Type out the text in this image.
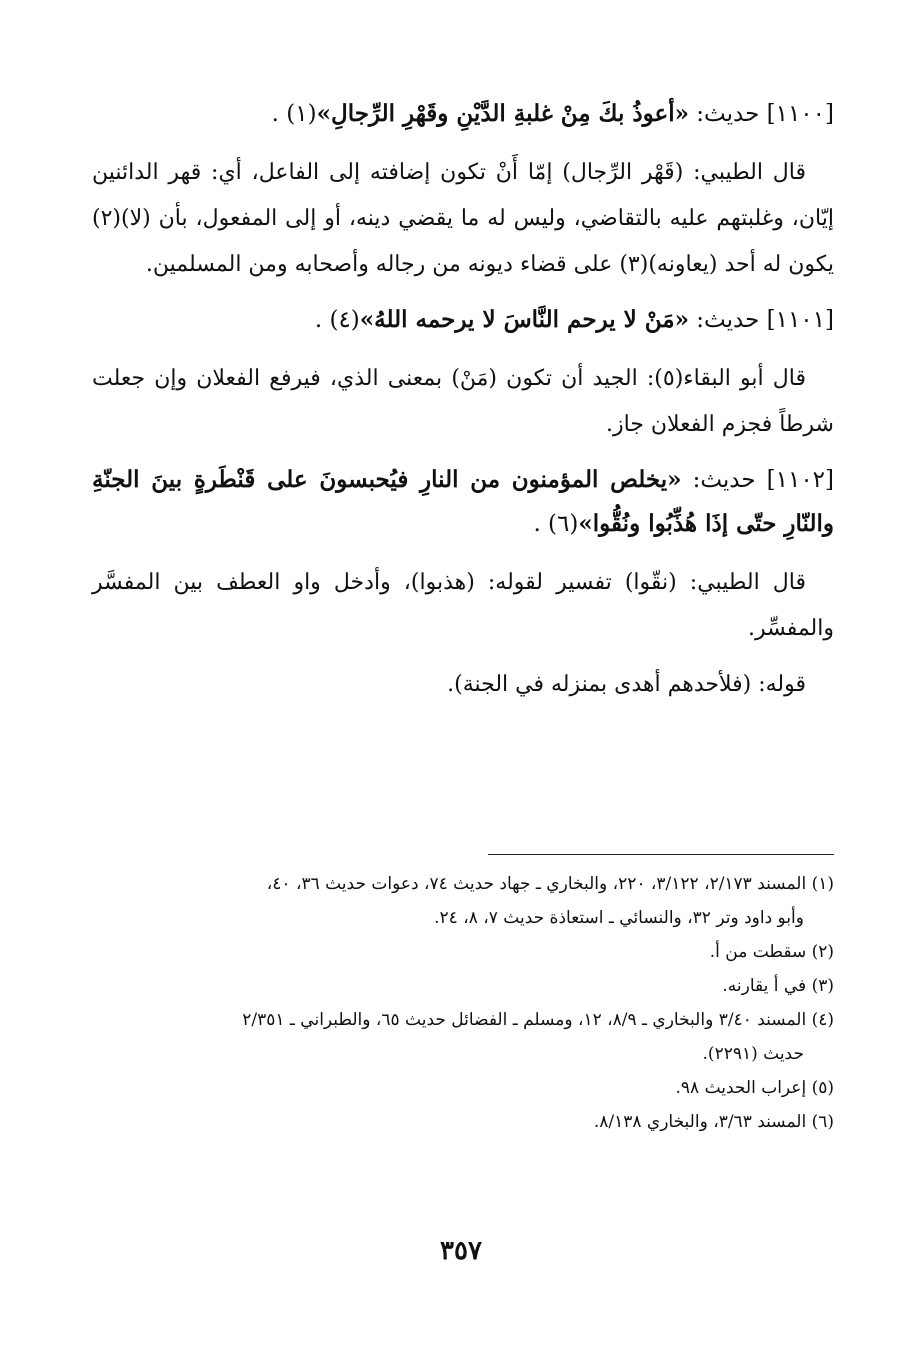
[١١٠٠] حديث: «أعوذُ بكَ مِنْ غلبةِ الدَّيْنِ وقَهْرِ الرِّجالِ»(١) .

قال الطيبي: (قَهْر الرِّجال) إمّا أَنْ تكون إضافته إلى الفاعل، أي: قهر الدائنين إيّان، وغلبتهم عليه بالتقاضي، وليس له ما يقضي دينه، أو إلى المفعول، بأن (لا)(٢) يكون له أحد (يعاونه)(٣) على قضاء ديونه من رجاله وأصحابه ومن المسلمين.

[١١٠١] حديث: «مَنْ لا يرحم النَّاسَ لا يرحمه اللهُ»(٤) .

قال أبو البقاء(٥): الجيد أن تكون (مَنْ) بمعنى الذي، فيرفع الفعلان وإن جعلت شرطاً فجزم الفعلان جاز.

[١١٠٢] حديث: «يخلص المؤمنون من النارِ فيُحبسونَ على قَنْطَرةٍ بينَ الجنّةِ والنّارِ حتّى إذَا هُذِّبُوا ونُقُّوا»(٦) .

قال الطيبي: (نقّوا) تفسير لقوله: (هذبوا)، وأدخل واو العطف بين المفسَّر والمفسِّر.

قوله: (فلأحدهم أهدى بمنزله في الجنة).

(١) المسند ٢/١٧٣، ٣/١٢٢، ٢٢٠، والبخاري ـ جهاد حديث ٧٤، دعوات حديث ٣٦، ٤٠،

وأبو داود وتر ٣٢، والنسائي ـ استعاذة حديث ٧، ٨، ٢٤.

(٢) سقطت من أ.

(٣) في أ يقارنه.

(٤) المسند ٣/٤٠ والبخاري ـ ٨/٩، ١٢، ومسلم ـ الفضائل حديث ٦٥، والطبراني ـ ٢/٣٥١

حديث (٢٢٩١).

(٥) إعراب الحديث ٩٨.

(٦) المسند ٣/٦٣، والبخاري ٨/١٣٨.

٣٥٧
